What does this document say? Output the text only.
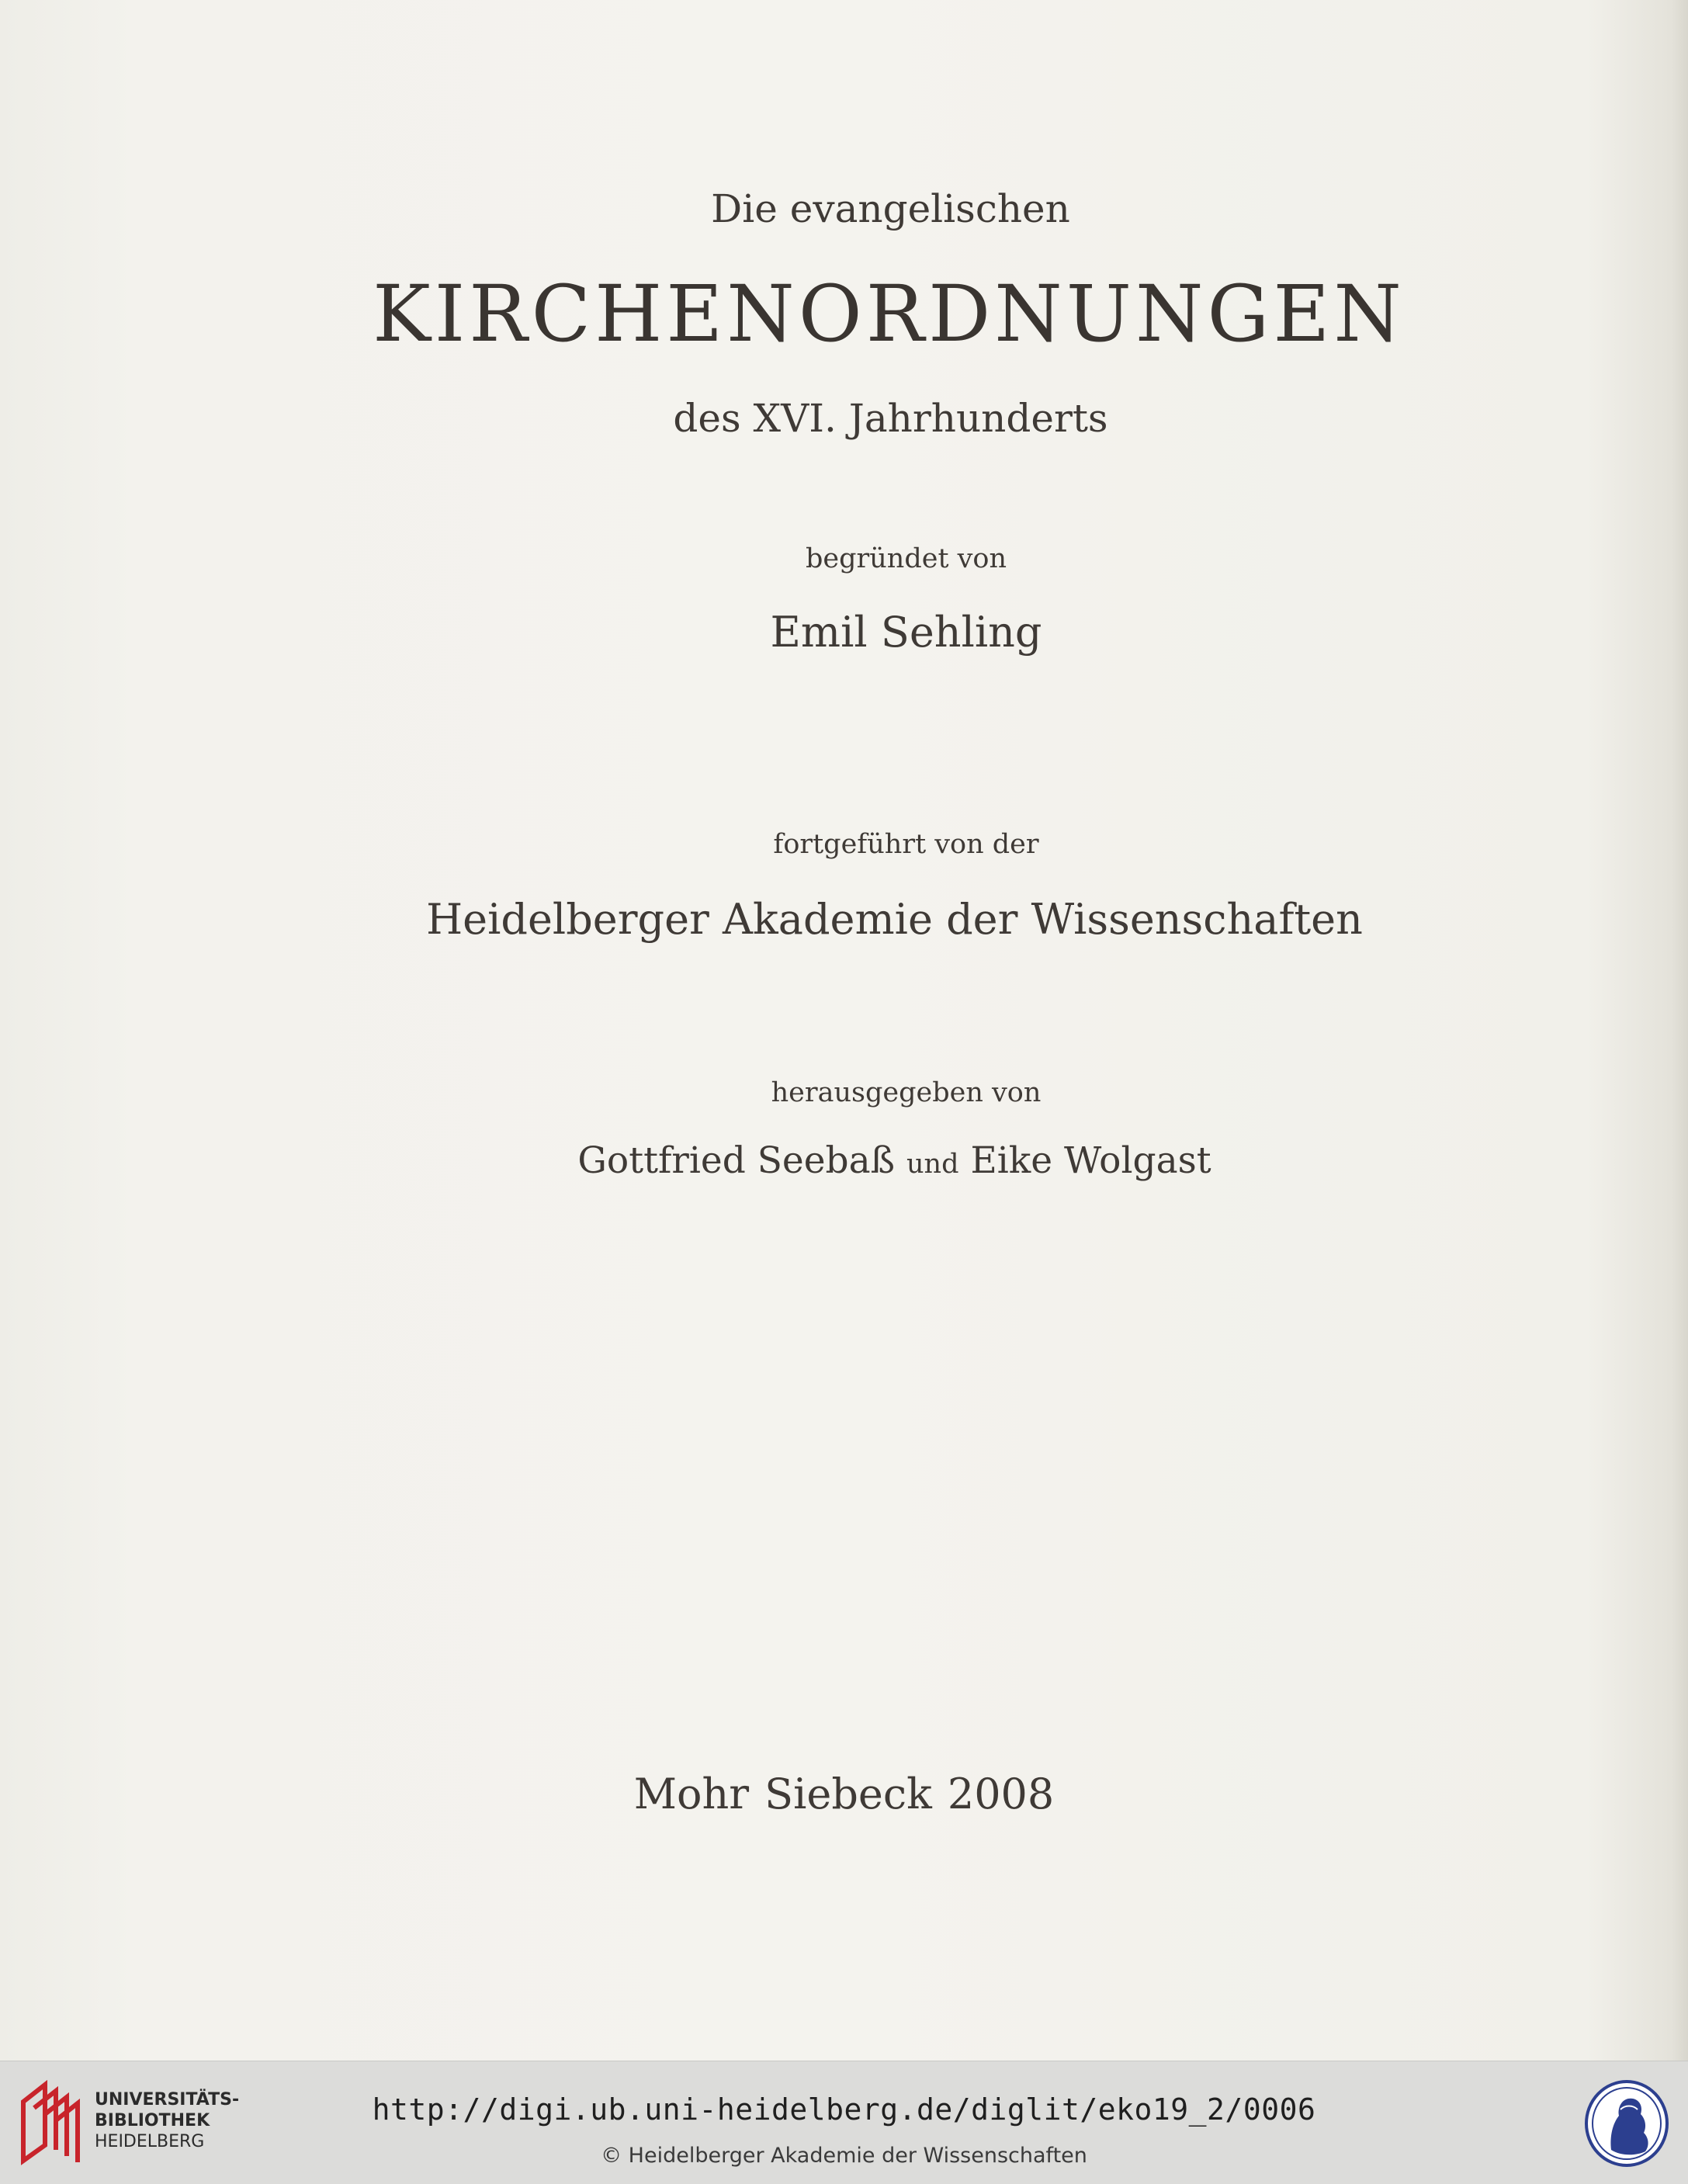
Die evangelischen
KIRCHENORDNUNGEN
des XVI. Jahrhunderts
begründet von
Emil Sehling
fortgeführt von der
Heidelberger Akademie der Wissenschaften
herausgegeben von
Gottfried Seebaß und Eike Wolgast
Mohr Siebeck 2008
UNIVERSITÄTS-
BIBLIOTHEK
HEIDELBERG
http://digi.ub.uni-heidelberg.de/diglit/eko19_2/0006
© Heidelberger Akademie der Wissenschaften
